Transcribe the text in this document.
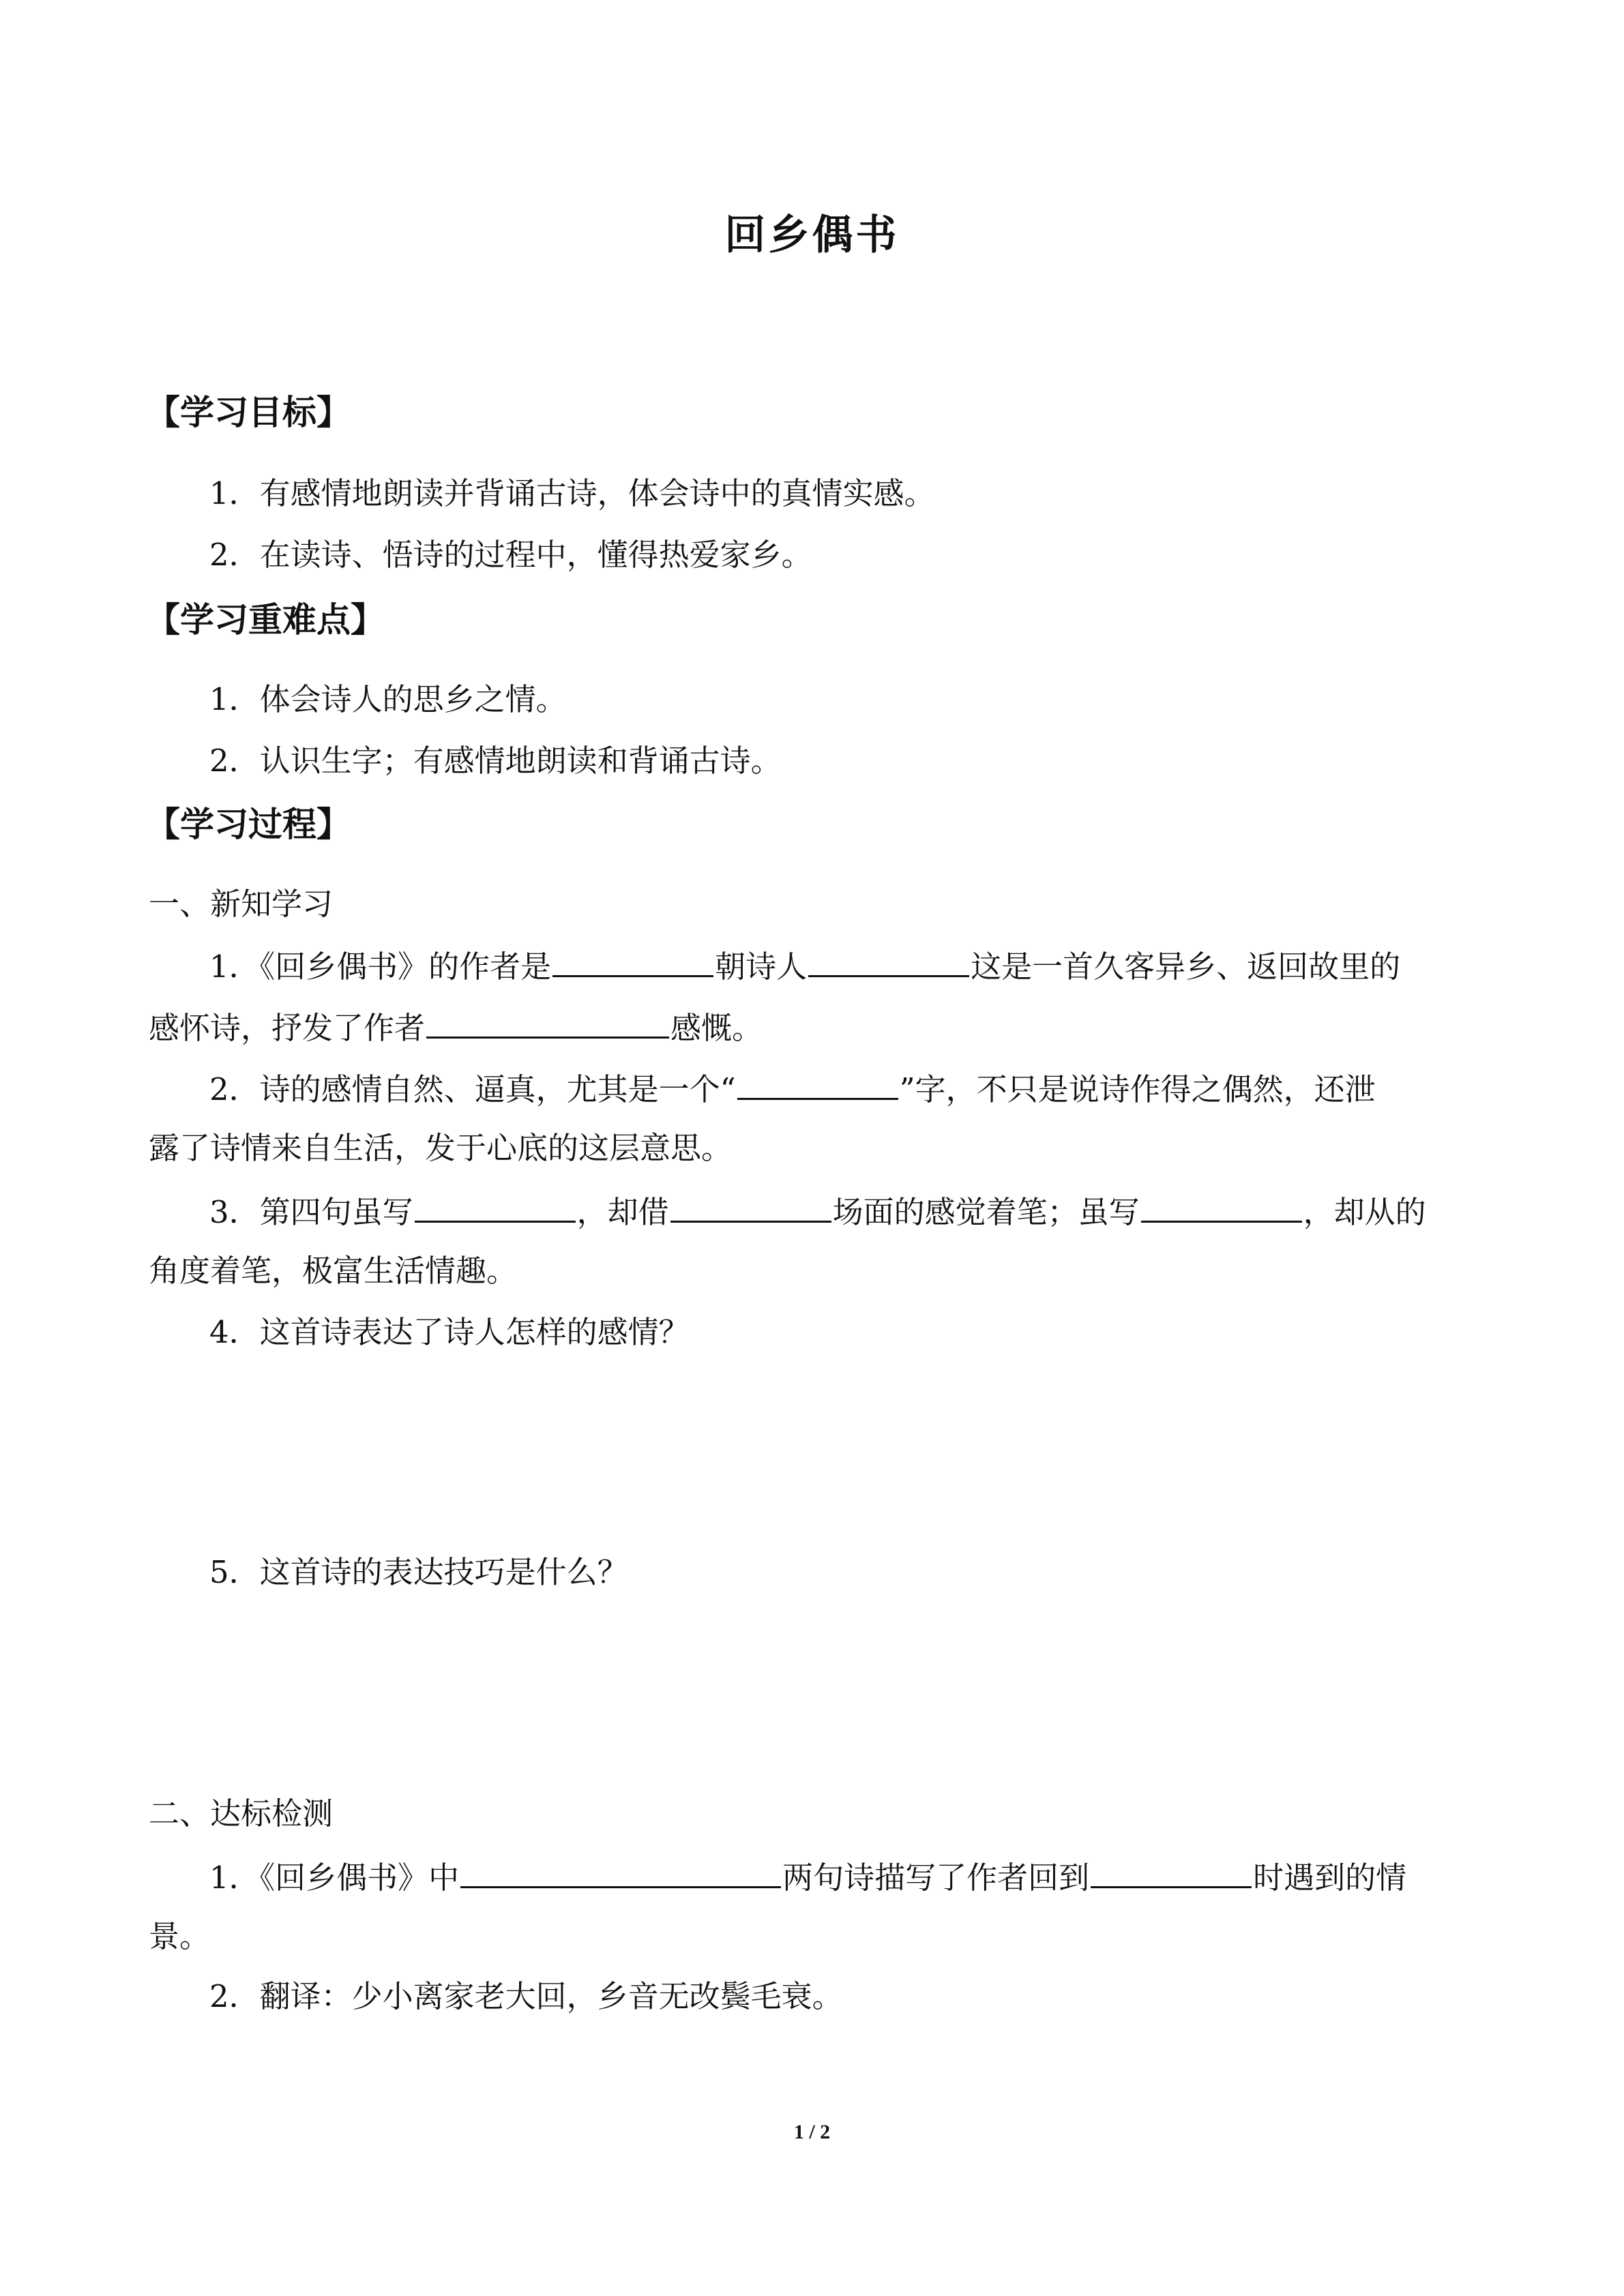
回乡偶书
【学习目标】
1．有感情地朗读并背诵古诗，体会诗中的真情实感。
2．在读诗、悟诗的过程中，懂得热爱家乡。
【学习重难点】
1．体会诗人的思乡之情。
2．认识生字；有感情地朗读和背诵古诗。
【学习过程】
一、新知学习
1．《回乡偶书》的作者是	朝诗人	这是一首久客异乡、返回故里的
感怀诗，抒发了作者	感慨。
2．诗的感情自然、逼真，尤其是一个“	”字，不只是说诗作得之偶然，还泄
露了诗情来自生活，发于心底的这层意思。
3．第四句虽写	，却借	场面的感觉着笔；虽写	，却从的
角度着笔，极富生活情趣。
4．这首诗表达了诗人怎样的感情？
5．这首诗的表达技巧是什么？
二、达标检测
1．《回乡偶书》中	两句诗描写了作者回到	时遇到的情
景。
2．翻译：少小离家老大回，乡音无改鬓毛衰。
1 / 2
